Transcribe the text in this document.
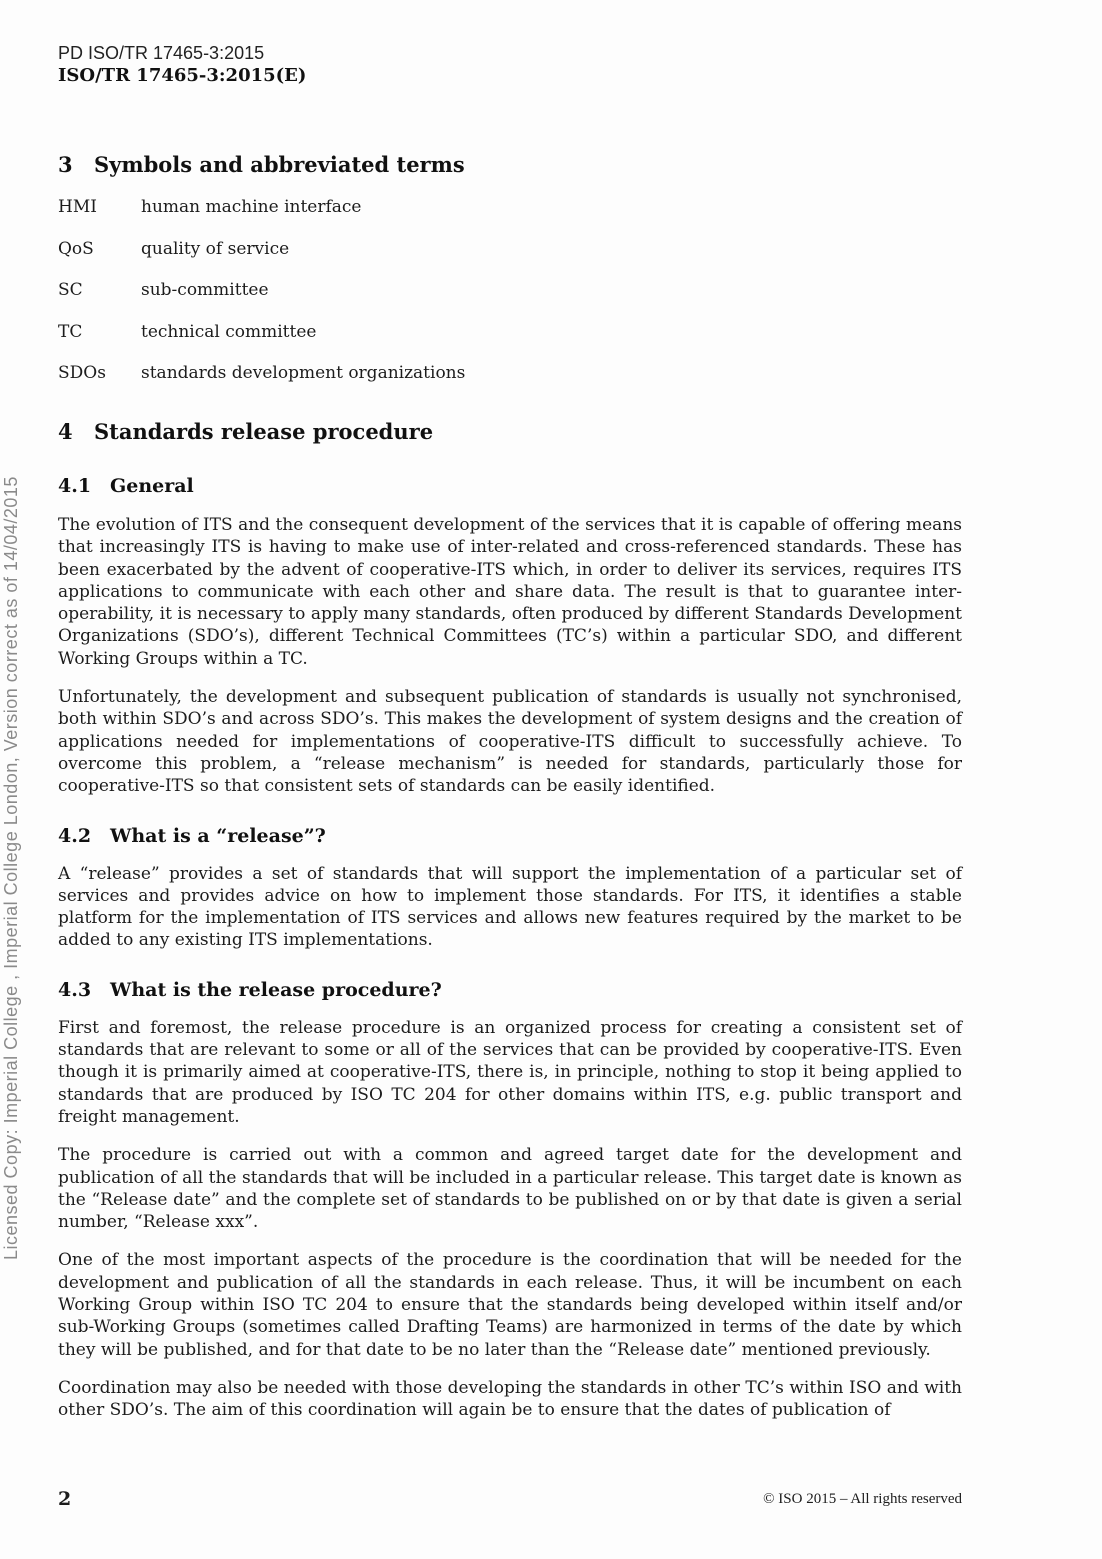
Licensed Copy: Imperial College , Imperial College London, Version correct as of 14/04/2015
PD ISO/TR 17465-3:2015
ISO/TR 17465-3:2015(E)
3 Symbols and abbreviated terms
HMI	human machine interface
QoS	quality of service
SC	sub-committee
TC	technical committee
SDOs	standards development organizations
4 Standards release procedure
4.1 General

The evolution of ITS and the consequent development of the services that it is capable of offering means that increasingly ITS is having to make use of inter-related and cross-referenced standards. These has been exacerbated by the advent of cooperative-ITS which, in order to deliver its services, requires ITS applications to communicate with each other and share data. The result is that to guarantee inter-operability, it is necessary to apply many standards, often produced by different Standards Development Organizations (SDO’s), different Technical Committees (TC’s) within a particular SDO, and different Working Groups within a TC.

Unfortunately, the development and subsequent publication of standards is usually not synchronised, both within SDO’s and across SDO’s. This makes the development of system designs and the creation of applications needed for implementations of cooperative-ITS difficult to successfully achieve. To overcome this problem, a “release mechanism” is needed for standards, particularly those for cooperative-ITS so that consistent sets of standards can be easily identified.

4.2 What is a “release”?

A “release” provides a set of standards that will support the implementation of a particular set of services and provides advice on how to implement those standards. For ITS, it identifies a stable platform for the implementation of ITS services and allows new features required by the market to be added to any existing ITS implementations.

4.3 What is the release procedure?

First and foremost, the release procedure is an organized process for creating a consistent set of standards that are relevant to some or all of the services that can be provided by cooperative-ITS. Even though it is primarily aimed at cooperative-ITS, there is, in principle, nothing to stop it being applied to standards that are produced by ISO TC 204 for other domains within ITS, e.g. public transport and freight management.

The procedure is carried out with a common and agreed target date for the development and publication of all the standards that will be included in a particular release. This target date is known as the “Release date” and the complete set of standards to be published on or by that date is given a serial number, “Release xxx”.

One of the most important aspects of the procedure is the coordination that will be needed for the development and publication of all the standards in each release. Thus, it will be incumbent on each Working Group within ISO TC 204 to ensure that the standards being developed within itself and/or sub-Working Groups (sometimes called Drafting Teams) are harmonized in terms of the date by which they will be published, and for that date to be no later than the “Release date” mentioned previously.

Coordination may also be needed with those developing the standards in other TC’s within ISO and with other SDO’s. The aim of this coordination will again be to ensure that the dates of publication of

2	© ISO 2015 – All rights reserved
